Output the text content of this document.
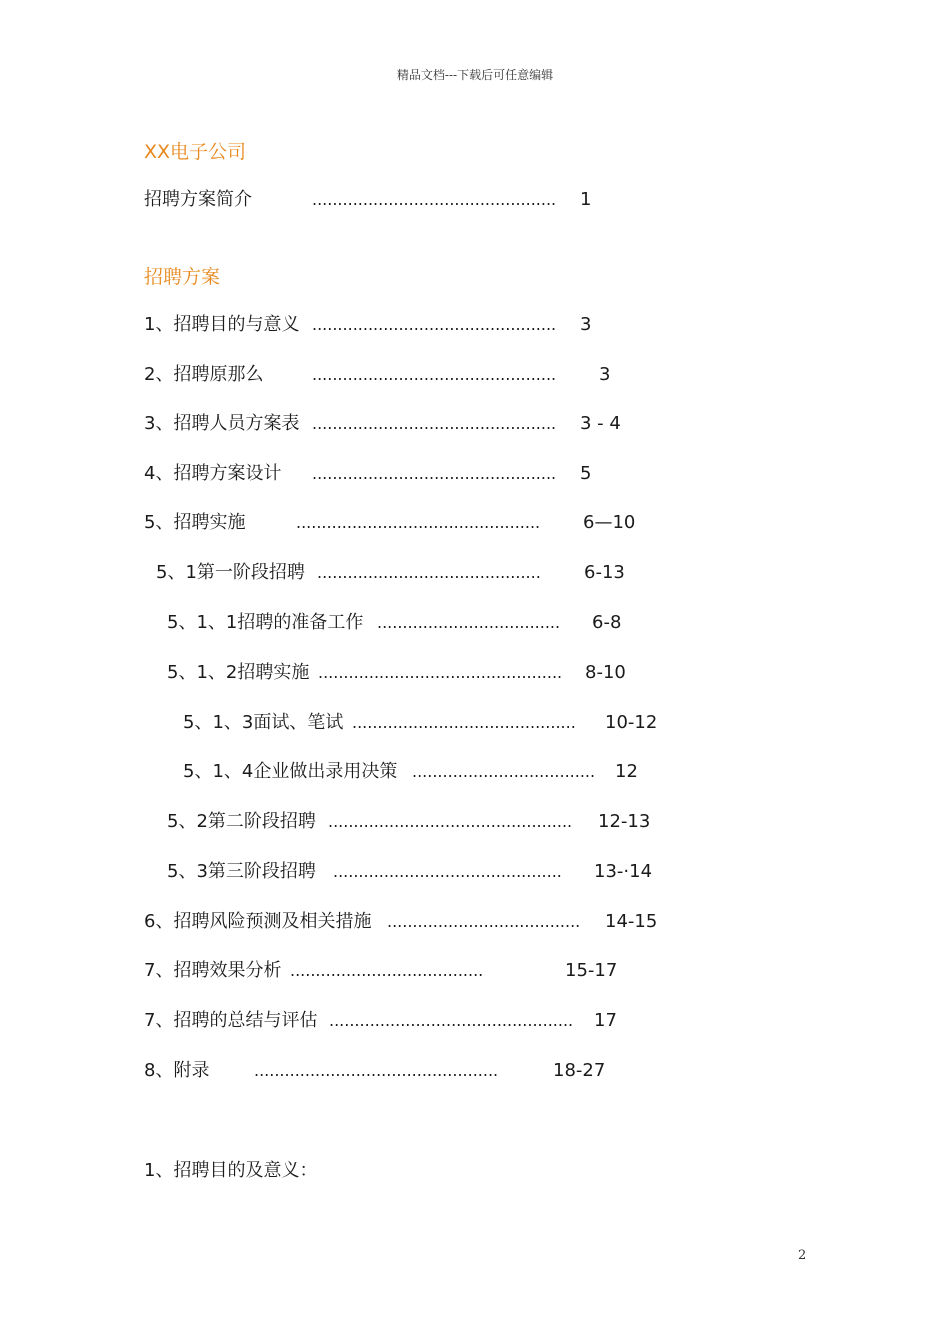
精品文档---下载后可任意编辑
XX电子公司
招聘方案简介	................................................ 1
招聘方案
1、招聘目的与意义 ................................................ 3
2、招聘原那么	................................................ 3
3、招聘人员方案表 ................................................ 3 - 4
4、招聘方案设计 ................................................ 5
5、招聘实施	................................................ 6—10
5、1第一阶段招聘 ............................................ 6-13
5、1、1招聘的准备工作 .................................... 6-8
5、1、2招聘实施 ................................................ 8-10
5、1、3面试、笔试 ............................................ 10-12
5、1、4企业做出录用决策 .................................... 12
5、2第二阶段招聘 ................................................ 12-13
5、3第三阶段招聘 ............................................. 13-·14
6、招聘风险预测及相关措施 ...................................... 14-15
7、招聘效果分析 ......................................	15-17
7、招聘的总结与评估 ................................................ 17
8、附录	................................................	18-27
1、招聘目的及意义：
2
